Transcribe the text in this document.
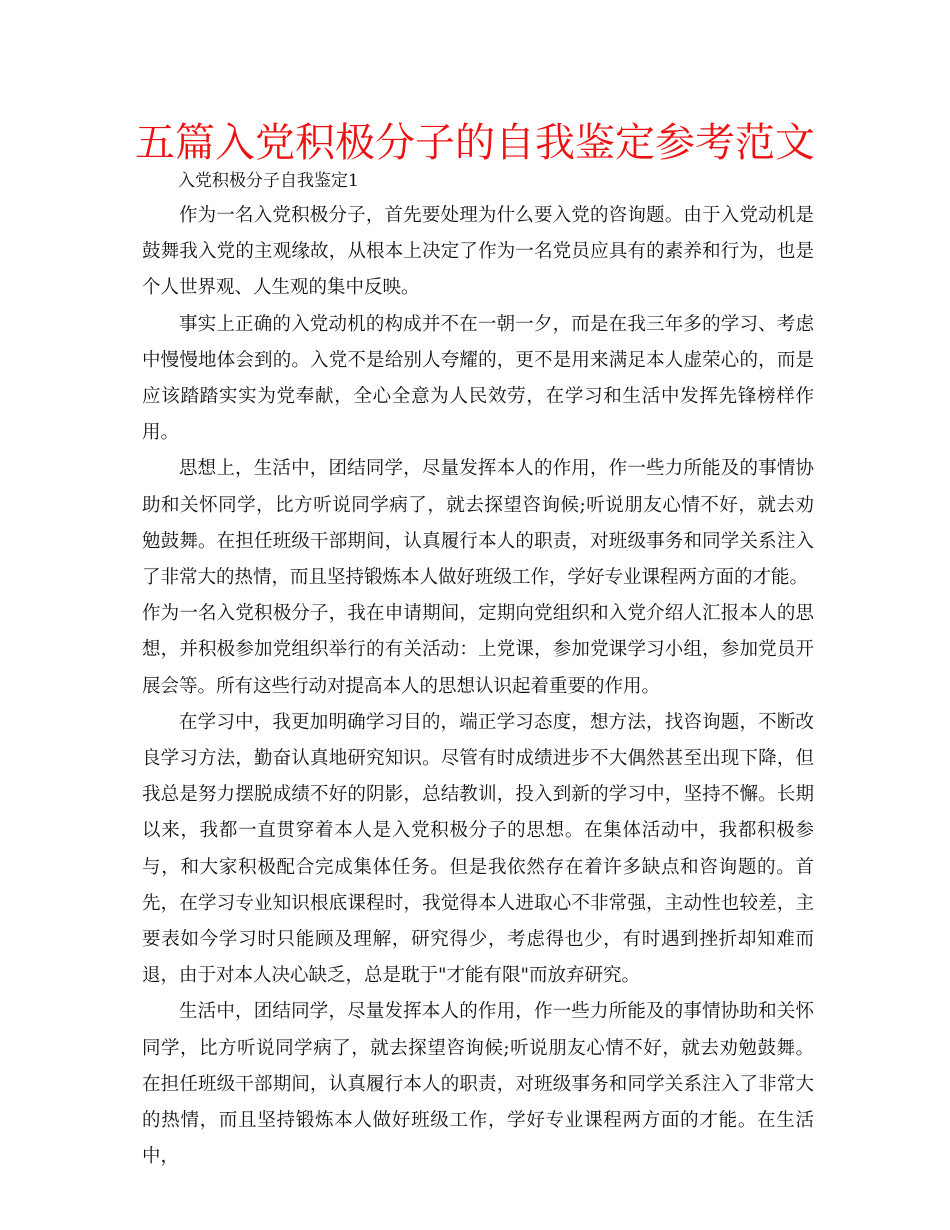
五篇入党积极分子的自我鉴定参考范文
入党积极分子自我鉴定1

作为一名入党积极分子，首先要处理为什么要入党的咨询题。由于入党动机是鼓舞我入党的主观缘故，从根本上决定了作为一名党员应具有的素养和行为，也是个人世界观、人生观的集中反映。

事实上正确的入党动机的构成并不在一朝一夕，而是在我三年多的学习、考虑中慢慢地体会到的。入党不是给别人夸耀的，更不是用来满足本人虚荣心的，而是应该踏踏实实为党奉献，全心全意为人民效劳，在学习和生活中发挥先锋榜样作用。

思想上，生活中，团结同学，尽量发挥本人的作用，作一些力所能及的事情协助和关怀同学，比方听说同学病了，就去探望咨询候;听说朋友心情不好，就去劝勉鼓舞。在担任班级干部期间，认真履行本人的职责，对班级事务和同学关系注入了非常大的热情，而且坚持锻炼本人做好班级工作，学好专业课程两方面的才能。

作为一名入党积极分子，我在申请期间，定期向党组织和入党介绍人汇报本人的思想，并积极参加党组织举行的有关活动：上党课，参加党课学习小组，参加党员开展会等。所有这些行动对提高本人的思想认识起着重要的作用。

在学习中，我更加明确学习目的，端正学习态度，想方法，找咨询题，不断改良学习方法，勤奋认真地研究知识。尽管有时成绩进步不大偶然甚至出现下降，但我总是努力摆脱成绩不好的阴影，总结教训，投入到新的学习中，坚持不懈。长期以来，我都一直贯穿着本人是入党积极分子的思想。在集体活动中，我都积极参与，和大家积极配合完成集体任务。但是我依然存在着许多缺点和咨询题的。首先，在学习专业知识根底课程时，我觉得本人进取心不非常强，主动性也较差，主要表如今学习时只能顾及理解，研究得少，考虑得也少，有时遇到挫折却知难而退，由于对本人决心缺乏，总是耽于"才能有限"而放弃研究。

生活中，团结同学，尽量发挥本人的作用，作一些力所能及的事情协助和关怀同学，比方听说同学病了，就去探望咨询候;听说朋友心情不好，就去劝勉鼓舞。在担任班级干部期间，认真履行本人的职责，对班级事务和同学关系注入了非常大的热情，而且坚持锻炼本人做好班级工作，学好专业课程两方面的才能。在生活中，
